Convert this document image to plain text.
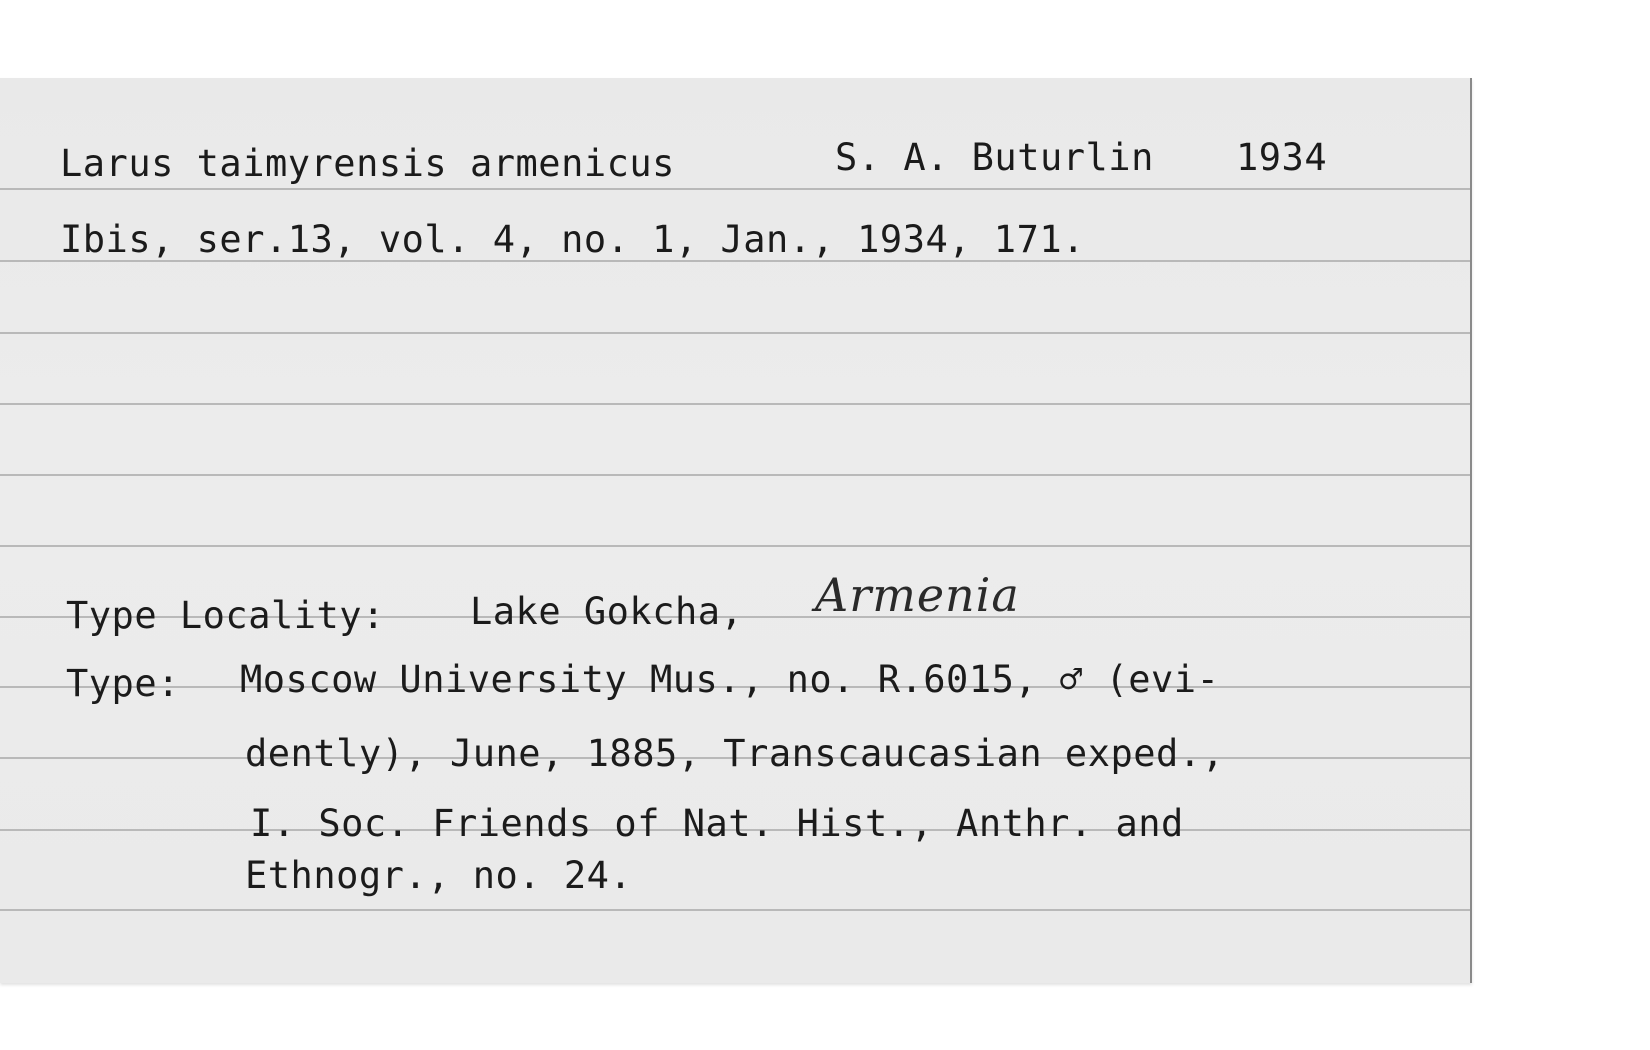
Larus taimyrensis armenicus	S. A. Buturlin 1934
Ibis, ser.13, vol. 4, no. 1, Jan., 1934, 171.
Type Locality: Lake Gokcha, Armenia
Type: Moscow University Mus., no. R.6015, ♂ (evi-
dently), June, 1885, Transcaucasian exped.,
I. Soc. Friends of Nat. Hist., Anthr. and
Ethnogr., no. 24.
